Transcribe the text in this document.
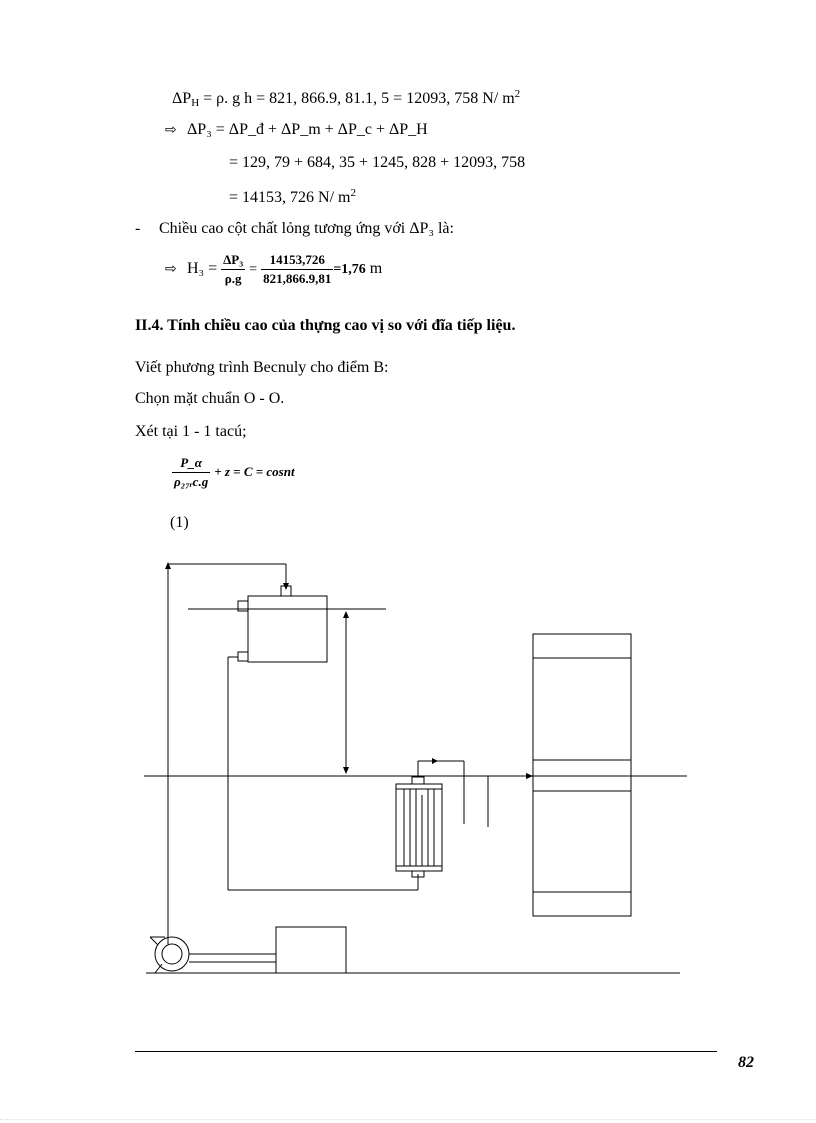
$\Delta P_H = \rho$. g h = 821, 866.9, 81.1, 5 = 12093, 758 N/ $m^2$
⇨ ΔP₃ = ΔP_đ + ΔP_m + ΔP_c + ΔP_H
= 129, 79 + 684, 35 + 1245, 828 + 12093, 758
= 14153, 726 N/ $m^2$
- Chiều cao cột chất lỏng tương ứng với ΔP₃ là:
⇨ $H_3 = \frac{\text{ΔP₃}}{\rho.g} = \frac{14153,726}{821,866.9,81} =1,76$ m
II.4. Tính chiều cao của thựng cao vị so với đĩa tiếp liệu.
Viết phương trình Becnuly cho điểm B:
Chọn mặt chuẩn O - O.
Xét tại 1 - 1 tacú;
$\frac{P\_\alpha}{\text{ρ₂₇ᵣc.g}} + z = C$ = cosnt
(1)
82
